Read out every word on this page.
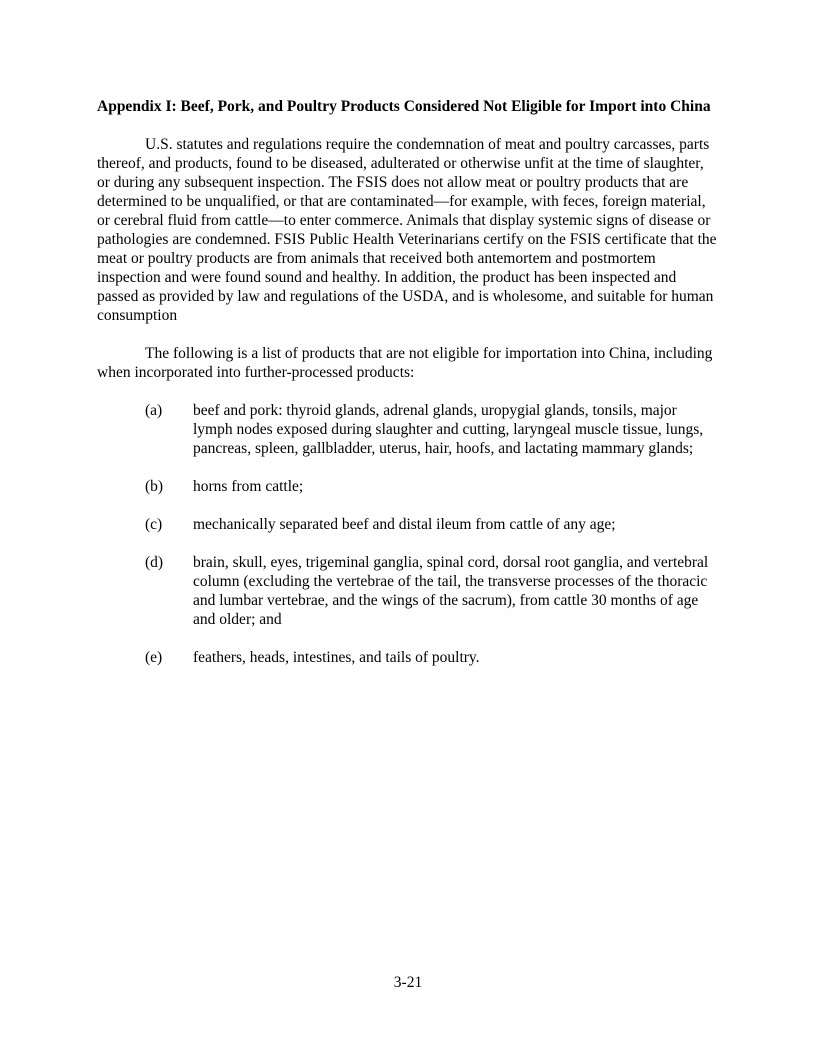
Appendix I: Beef, Pork, and Poultry Products Considered Not Eligible for Import into China

U.S. statutes and regulations require the condemnation of meat and poultry carcasses, parts thereof, and products, found to be diseased, adulterated or otherwise unfit at the time of slaughter, or during any subsequent inspection. The FSIS does not allow meat or poultry products that are determined to be unqualified, or that are contaminated—for example, with feces, foreign material, or cerebral fluid from cattle—to enter commerce. Animals that display systemic signs of disease or pathologies are condemned. FSIS Public Health Veterinarians certify on the FSIS certificate that the meat or poultry products are from animals that received both antemortem and postmortem inspection and were found sound and healthy. In addition, the product has been inspected and passed as provided by law and regulations of the USDA, and is wholesome, and suitable for human consumption

The following is a list of products that are not eligible for importation into China, including when incorporated into further-processed products:

(a)	beef and pork: thyroid glands, adrenal glands, uropygial glands, tonsils, major lymph nodes exposed during slaughter and cutting, laryngeal muscle tissue, lungs, pancreas, spleen, gallbladder, uterus, hair, hoofs, and lactating mammary glands;
(b)	horns from cattle;
(c)	mechanically separated beef and distal ileum from cattle of any age;
(d)	brain, skull, eyes, trigeminal ganglia, spinal cord, dorsal root ganglia, and vertebral column (excluding the vertebrae of the tail, the transverse processes of the thoracic and lumbar vertebrae, and the wings of the sacrum), from cattle 30 months of age and older; and
(e)	feathers, heads, intestines, and tails of poultry.
3-21
